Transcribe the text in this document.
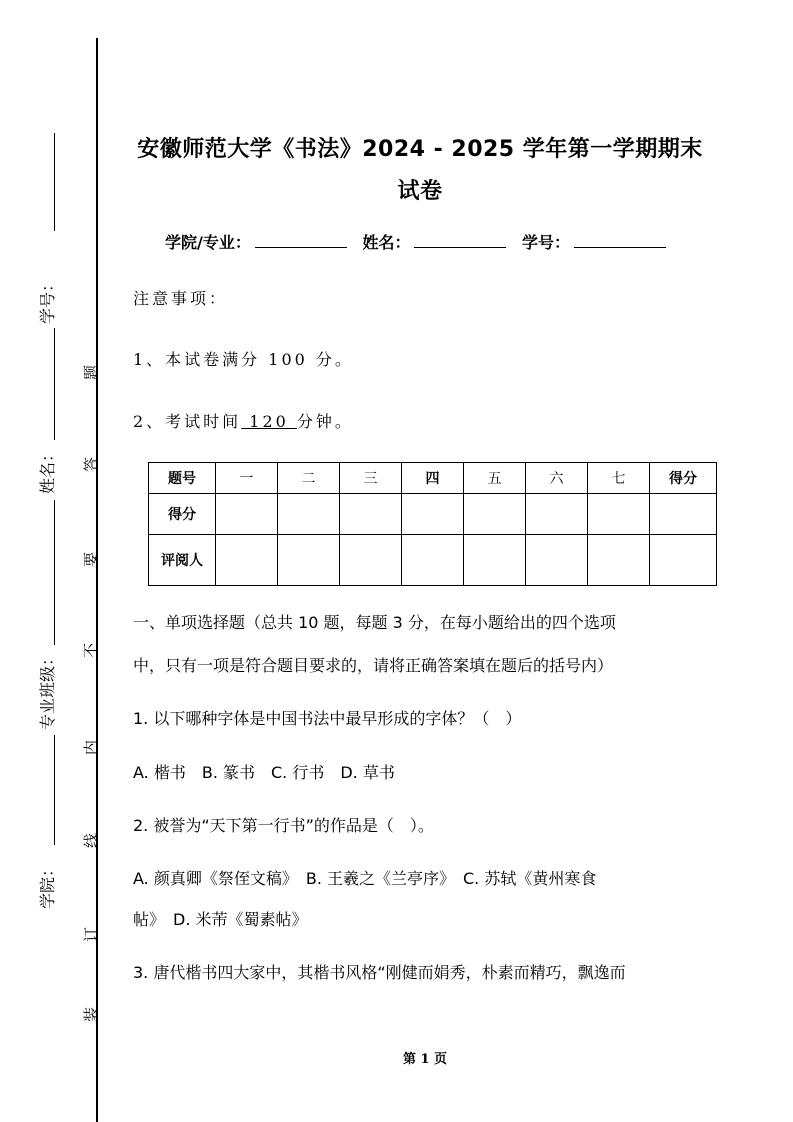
学号：
姓名：
专业班级：
学院：
题
答
要
不
内
线
订
装
安徽师范大学《书法》2024 - 2025 学年第一学期期末
试卷
学院/专业：	姓名：	学号：
注意事项：
1、本试卷满分 100 分。
2、考试时间 120 分钟。
题号	一	二	三	四	五	六	七	得分
得分								
评阅人								
一、单项选择题（总共 10 题，每题 3 分，在每小题给出的四个选项
中，只有一项是符合题目要求的，请将正确答案填在题后的括号内）
1. 以下哪种字体是中国书法中最早形成的字体？（　）
A. 楷书　B. 篆书　C. 行书　D. 草书
2. 被誉为“天下第一行书”的作品是（　）。
A. 颜真卿《祭侄文稿》　B. 王羲之《兰亭序》　C. 苏轼《黄州寒食
帖》　D. 米芾《蜀素帖》
3. 唐代楷书四大家中，其楷书风格“刚健而娟秀，朴素而精巧，飘逸而
第 1 页
